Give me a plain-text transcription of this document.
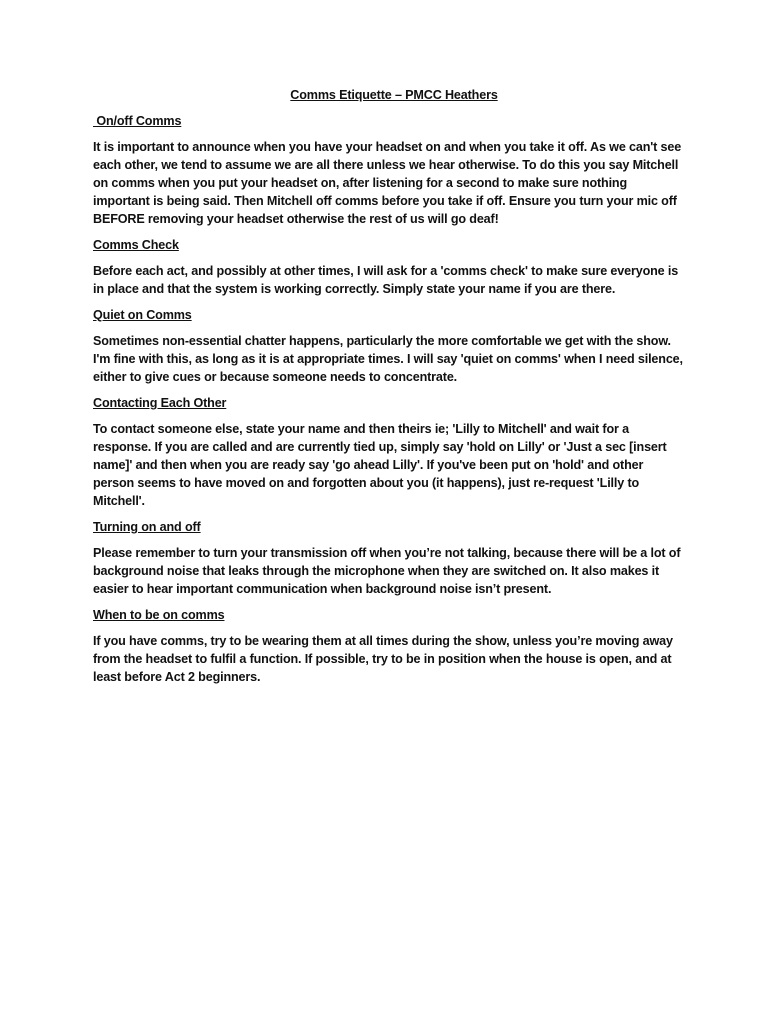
Comms Etiquette – PMCC Heathers

On/off Comms

It is important to announce when you have your headset on and when you take it off. As we can't see each other, we tend to assume we are all there unless we hear otherwise. To do this you say Mitchell on comms when you put your headset on, after listening for a second to make sure nothing important is being said. Then Mitchell off comms before you take if off. Ensure you turn your mic off BEFORE removing your headset otherwise the rest of us will go deaf!

Comms Check

Before each act, and possibly at other times, I will ask for a 'comms check' to make sure everyone is in place and that the system is working correctly. Simply state your name if you are there.

Quiet on Comms

Sometimes non-essential chatter happens, particularly the more comfortable we get with the show. I'm fine with this, as long as it is at appropriate times. I will say 'quiet on comms' when I need silence, either to give cues or because someone needs to concentrate.

Contacting Each Other

To contact someone else, state your name and then theirs ie; 'Lilly to Mitchell' and wait for a response. If you are called and are currently tied up, simply say 'hold on Lilly' or 'Just a sec [insert name]' and then when you are ready say 'go ahead Lilly'. If you've been put on 'hold' and other person seems to have moved on and forgotten about you (it happens), just re-request 'Lilly to Mitchell'.

Turning on and off

Please remember to turn your transmission off when you’re not talking, because there will be a lot of background noise that leaks through the microphone when they are switched on. It also makes it easier to hear important communication when background noise isn’t present.

When to be on comms

If you have comms, try to be wearing them at all times during the show, unless you’re moving away from the headset to fulfil a function. If possible, try to be in position when the house is open, and at least before Act 2 beginners.
